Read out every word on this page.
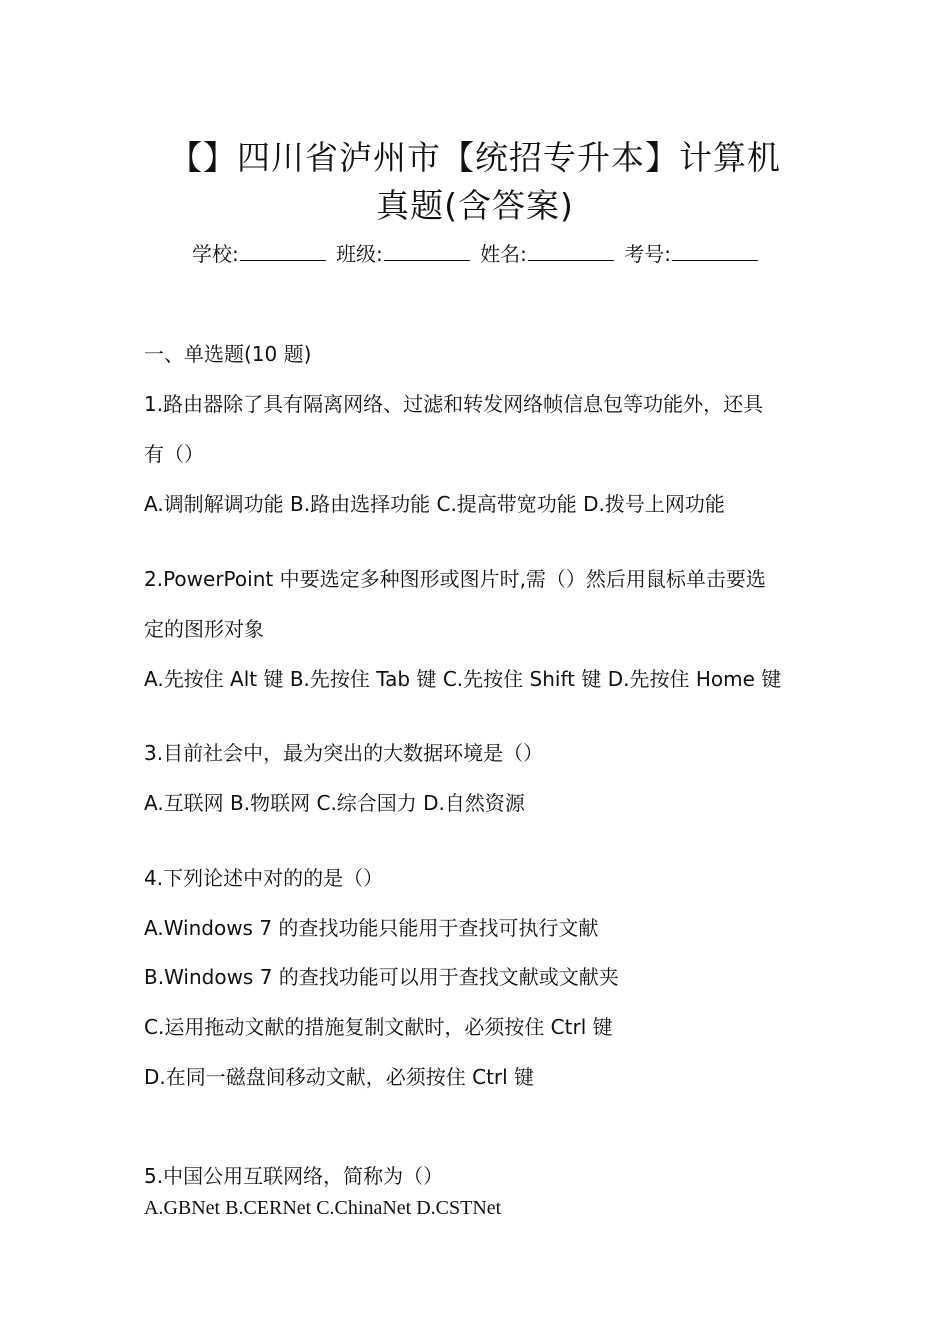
【】四川省泸州市【统招专升本】计算机
真题(含答案)
学校:	班级:	姓名:	考号:
一、单选题(10 题)
1.路由器除了具有隔离网络、过滤和转发网络帧信息包等功能外，还具
有（）
A.调制解调功能 B.路由选择功能 C.提高带宽功能 D.拨号上网功能
2.PowerPoint 中要选定多种图形或图片时,需（）然后用鼠标单击要选
定的图形对象
A.先按住 Alt 键 B.先按住 Tab 键 C.先按住 Shift 键 D.先按住 Home 键
3.目前社会中，最为突出的大数据环境是（）
A.互联网 B.物联网 C.综合国力 D.自然资源
4.下列论述中对的的是（）
A.Windows 7 的查找功能只能用于查找可执行文献
B.Windows 7 的查找功能可以用于查找文献或文献夹
C.运用拖动文献的措施复制文献时，必须按住 Ctrl 键
D.在同一磁盘间移动文献，必须按住 Ctrl 键
5.中国公用互联网络，简称为（）
A.GBNet B.CERNet C.ChinaNet D.CSTNet
